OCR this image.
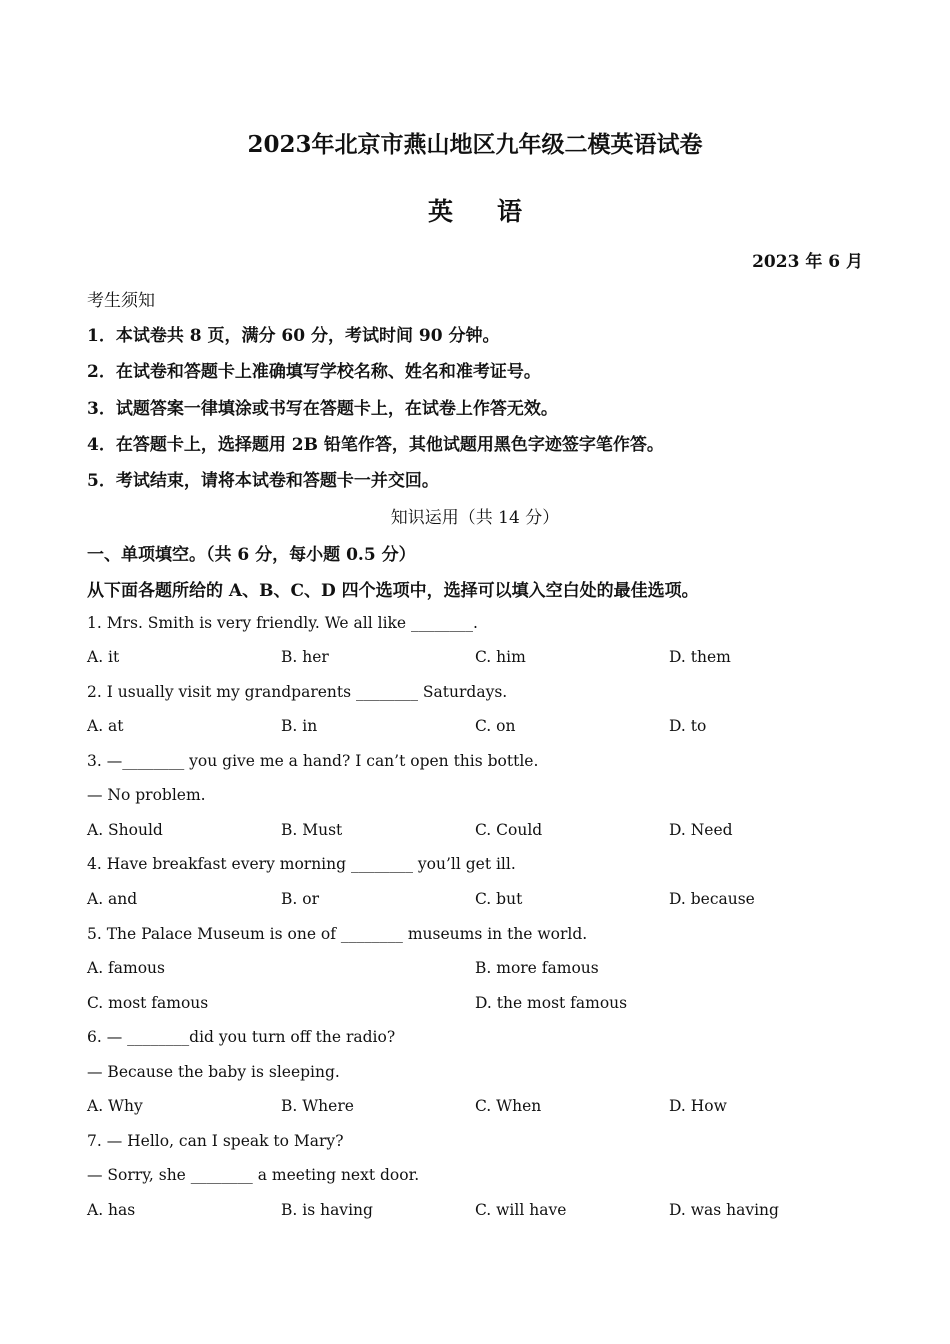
2023年北京市燕山地区九年级二模英语试卷
英语
2023 年 6 月
考生须知
1．本试卷共 8 页，满分 60 分，考试时间 90 分钟。
2．在试卷和答题卡上准确填写学校名称、姓名和准考证号。
3．试题答案一律填涂或书写在答题卡上，在试卷上作答无效。
4．在答题卡上，选择题用 2B 铅笔作答，其他试题用黑色字迹签字笔作答。
5．考试结束，请将本试卷和答题卡一并交回。
知识运用（共 14 分）
一、单项填空。（共 6 分，每小题 0.5 分）
从下面各题所给的 A、B、C、D 四个选项中，选择可以填入空白处的最佳选项。
1. Mrs. Smith is very friendly. We all like ________.
A. it	B. her	C. him	D. them
2. I usually visit my grandparents ________ Saturdays.
A. at	B. in	C. on	D. to
3. —________ you give me a hand? I can’t open this bottle.
— No problem.
A. Should	B. Must	C. Could	D. Need
4. Have breakfast every morning ________ you’ll get ill.
A. and	B. or	C. but	D. because
5. The Palace Museum is one of ________ museums in the world.
A. famous	B. more famous
C. most famous	D. the most famous
6. — ________did you turn off the radio?
— Because the baby is sleeping.
A. Why	B. Where	C. When	D. How
7. — Hello, can I speak to Mary?
— Sorry, she ________ a meeting next door.
A. has	B. is having	C. will have	D. was having
